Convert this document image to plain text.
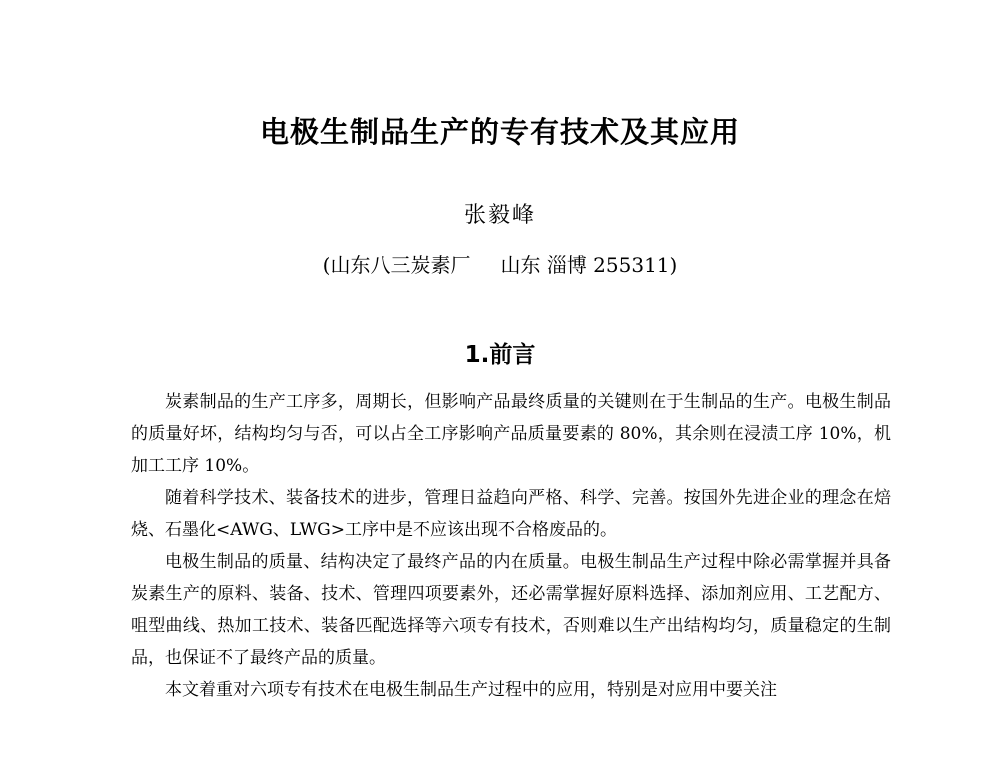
电极生制品生产的专有技术及其应用
张毅峰
(山东八三炭素厂 山东 淄博 255311)
1.前言

炭素制品的生产工序多，周期长，但影响产品最终质量的关键则在于生制品的生产。电极生制品的质量好坏，结构均匀与否，可以占全工序影响产品质量要素的 80%，其余则在浸渍工序 10%，机加工工序 10%。

随着科学技术、装备技术的进步，管理日益趋向严格、科学、完善。按国外先进企业的理念在焙烧、石墨化<AWG、LWG>工序中是不应该出现不合格废品的。

电极生制品的质量、结构决定了最终产品的内在质量。电极生制品生产过程中除必需掌握并具备炭素生产的原料、装备、技术、管理四项要素外，还必需掌握好原料选择、添加剂应用、工艺配方、咀型曲线、热加工技术、装备匹配选择等六项专有技术，否则难以生产出结构均匀，质量稳定的生制品，也保证不了最终产品的质量。

本文着重对六项专有技术在电极生制品生产过程中的应用，特别是对应用中要关注
